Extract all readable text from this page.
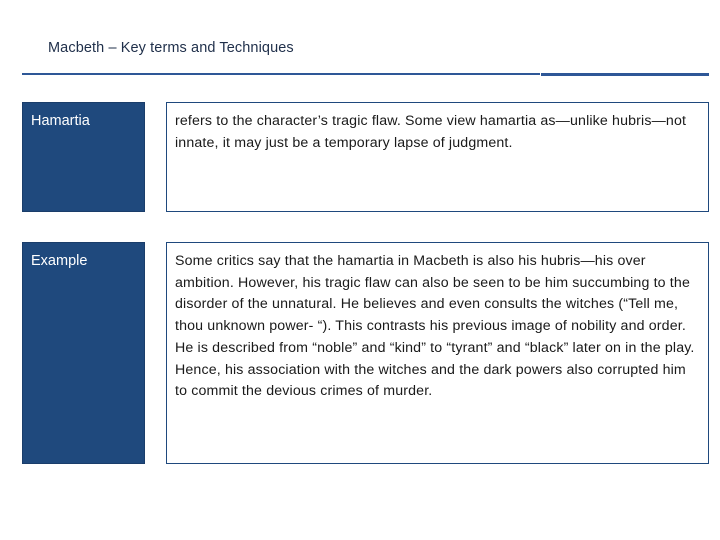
Macbeth – Key terms and Techniques
Hamartia	refers to the character’s tragic flaw. Some view hamartia as—unlike hubris—not innate, it may just be a temporary lapse of judgment.
Example	Some critics say that the hamartia in Macbeth is also his hubris—his over ambition. However, his tragic flaw can also be seen to be him succumbing to the disorder of the unnatural. He believes and even consults the witches (“Tell me, thou unknown power- “). This contrasts his previous image of nobility and order. He is described from “noble” and “kind” to “tyrant” and “black” later on in the play. Hence, his association with the witches and the dark powers also corrupted him to commit the devious crimes of murder.
